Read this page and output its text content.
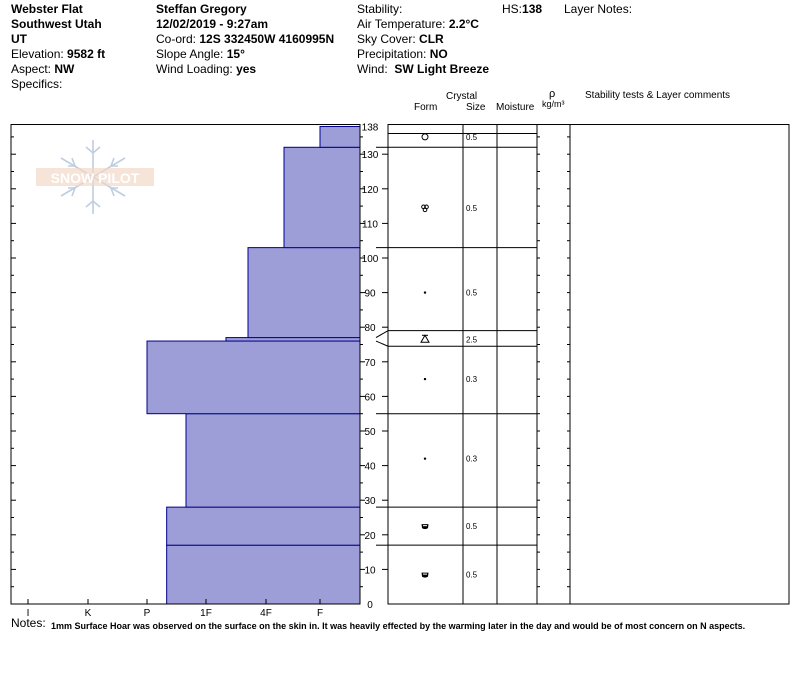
Webster Flat
Southwest Utah
UT
Elevation: 9582 ft
Aspect: NW
Specifics:
Steffan Gregory
12/02/2019 - 9:27am
Co-ord: 12S 332450W 4160995N
Slope Angle: 15°
Wind Loading: yes
Stability:
Air Temperature: 2.2°C
Sky Cover: CLR
Precipitation: NO
Wind: SW Light Breeze
HS:138 Layer Notes:
Crystal
Form	Size Moisture
ρ
kg/m³
Stability tests & Layer comments
SNOW PILOT
I	K	P	1F	4F	F
0
10
20
30
40
50
60
70
80
90
100
110
120
130
138
0.5
0.5
0.5
2.5
0.3
0.3
0.5
0.5
Notes: 1mm Surface Hoar was observed on the surface on the skin in. It was heavily effected by the warming later in the day and would be of most concern on N aspects.
